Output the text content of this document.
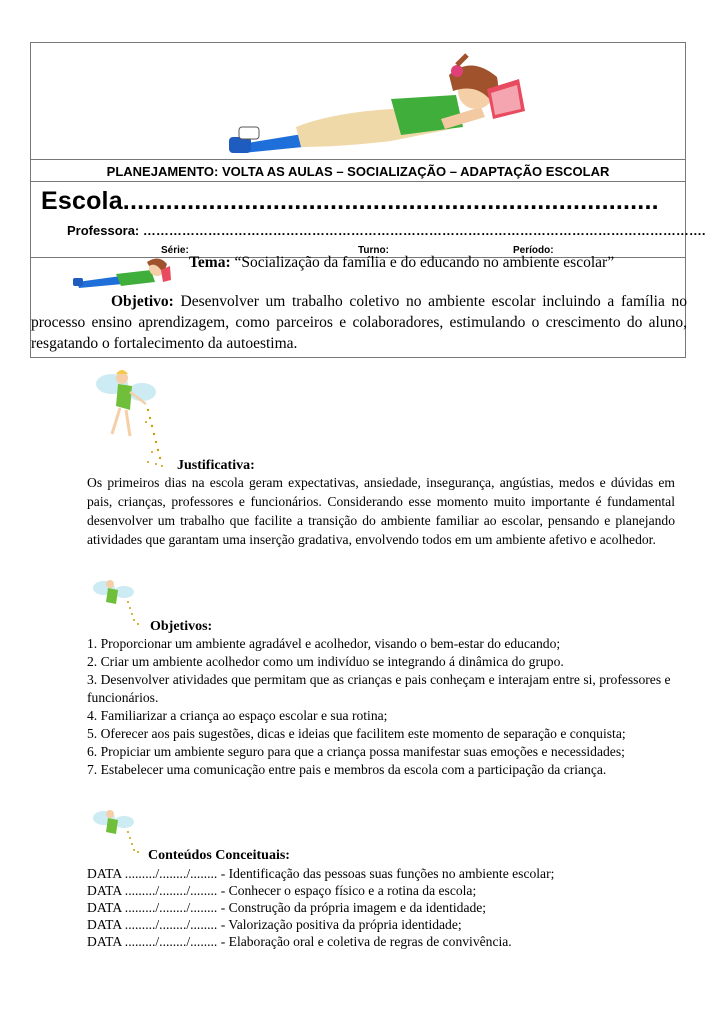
PLANEJAMENTO: VOLTA AS AULAS – SOCIALIZAÇÃO – ADAPTAÇÃO ESCOLAR
Escola...........................................................................
Professora: ………………………………………………………………………………………………………………….
Série:	Turno:	Período:
Tema: “Socialização da família e do educando no ambiente escolar”
Objetivo: Desenvolver um trabalho coletivo no ambiente escolar incluindo a família no processo ensino aprendizagem, como parceiros e colaboradores, estimulando o crescimento do aluno, resgatando o fortalecimento da autoestima.
Justificativa:
Os primeiros dias na escola geram expectativas, ansiedade, insegurança, angústias, medos e dúvidas em pais, crianças, professores e funcionários. Considerando esse momento muito importante é fundamental desenvolver um trabalho que facilite a transição do ambiente familiar ao escolar, pensando e planejando atividades que garantam uma inserção gradativa, envolvendo todos em um ambiente afetivo e acolhedor.
Objetivos:
1. Proporcionar um ambiente agradável e acolhedor, visando o bem-estar do educando;
2. Criar um ambiente acolhedor como um indivíduo se integrando á dinâmica do grupo.
3. Desenvolver atividades que permitam que as crianças e pais conheçam e interajam entre si, professores e funcionários.
4. Familiarizar a criança ao espaço escolar e sua rotina;
5. Oferecer aos pais sugestões, dicas e ideias que facilitem este momento de separação e conquista;
6. Propiciar um ambiente seguro para que a criança possa manifestar suas emoções e necessidades;
7. Estabelecer uma comunicação entre pais e membros da escola com a participação da criança.
Conteúdos Conceituais:
DATA ........./......../........ - Identificação das pessoas suas funções no ambiente escolar;
DATA ........./......../........ - Conhecer o espaço físico e a rotina da escola;
DATA ........./......../........ - Construção da própria imagem e da identidade;
DATA ........./......../........ - Valorização positiva da própria identidade;
DATA ........./......../........ - Elaboração oral e coletiva de regras de convivência.
